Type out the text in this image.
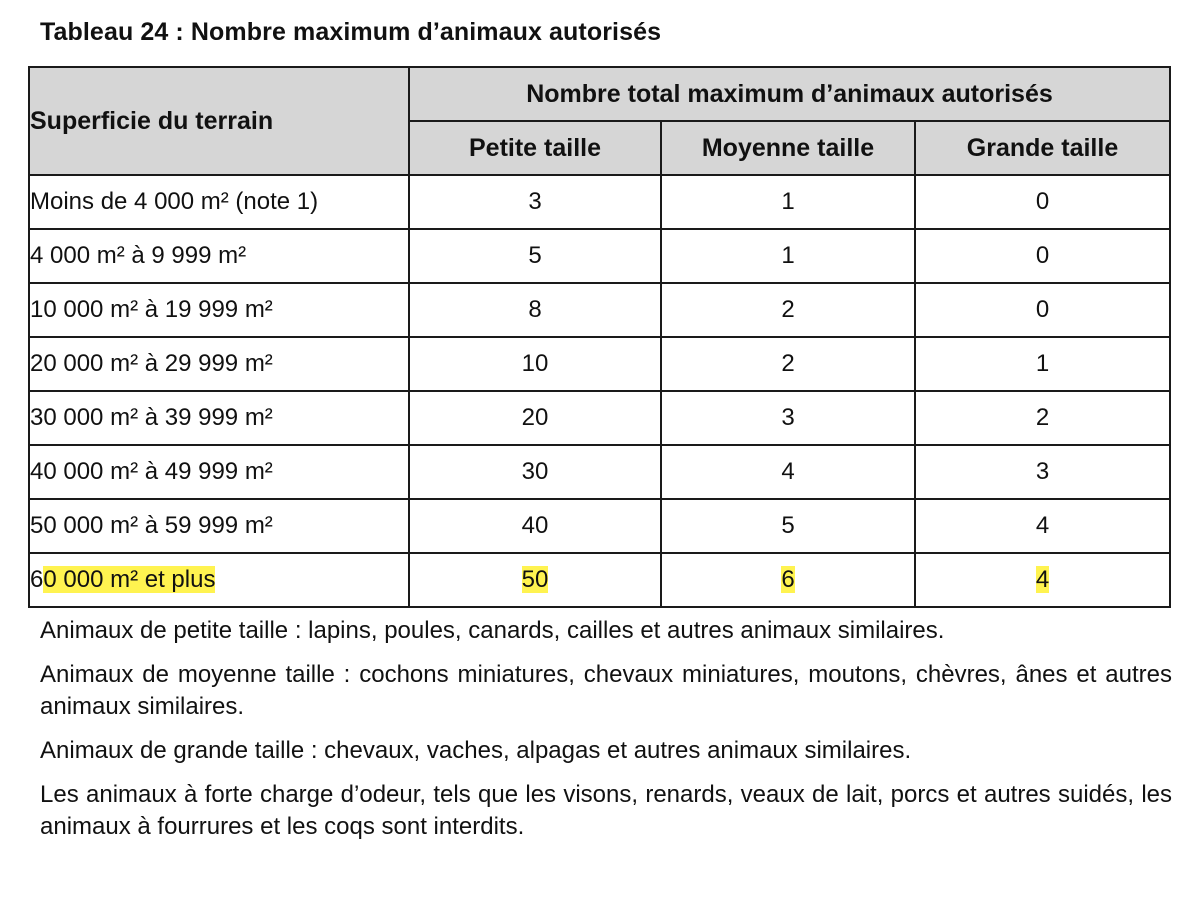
Tableau 24 : Nombre maximum d’animaux autorisés
Superficie du terrain	Nombre total maximum d’animaux autorisés		
	Petite taille	Moyenne taille	Grande taille
Moins de 4 000 m² (note 1)	3	1	0
4 000 m² à 9 999 m²	5	1	0
10 000 m² à 19 999 m²	8	2	0
20 000 m² à 29 999 m²	10	2	1
30 000 m² à 39 999 m²	20	3	2
40 000 m² à 49 999 m²	30	4	3
50 000 m² à 59 999 m²	40	5	4
60 000 m² et plus	50	6	4

Animaux de petite taille : lapins, poules, canards, cailles et autres animaux similaires.

Animaux de moyenne taille : cochons miniatures, chevaux miniatures, moutons, chèvres, ânes et autres animaux similaires.

Animaux de grande taille : chevaux, vaches, alpagas et autres animaux similaires.

Les animaux à forte charge d’odeur, tels que les visons, renards, veaux de lait, porcs et autres suidés, les animaux à fourrures et les coqs sont interdits.
